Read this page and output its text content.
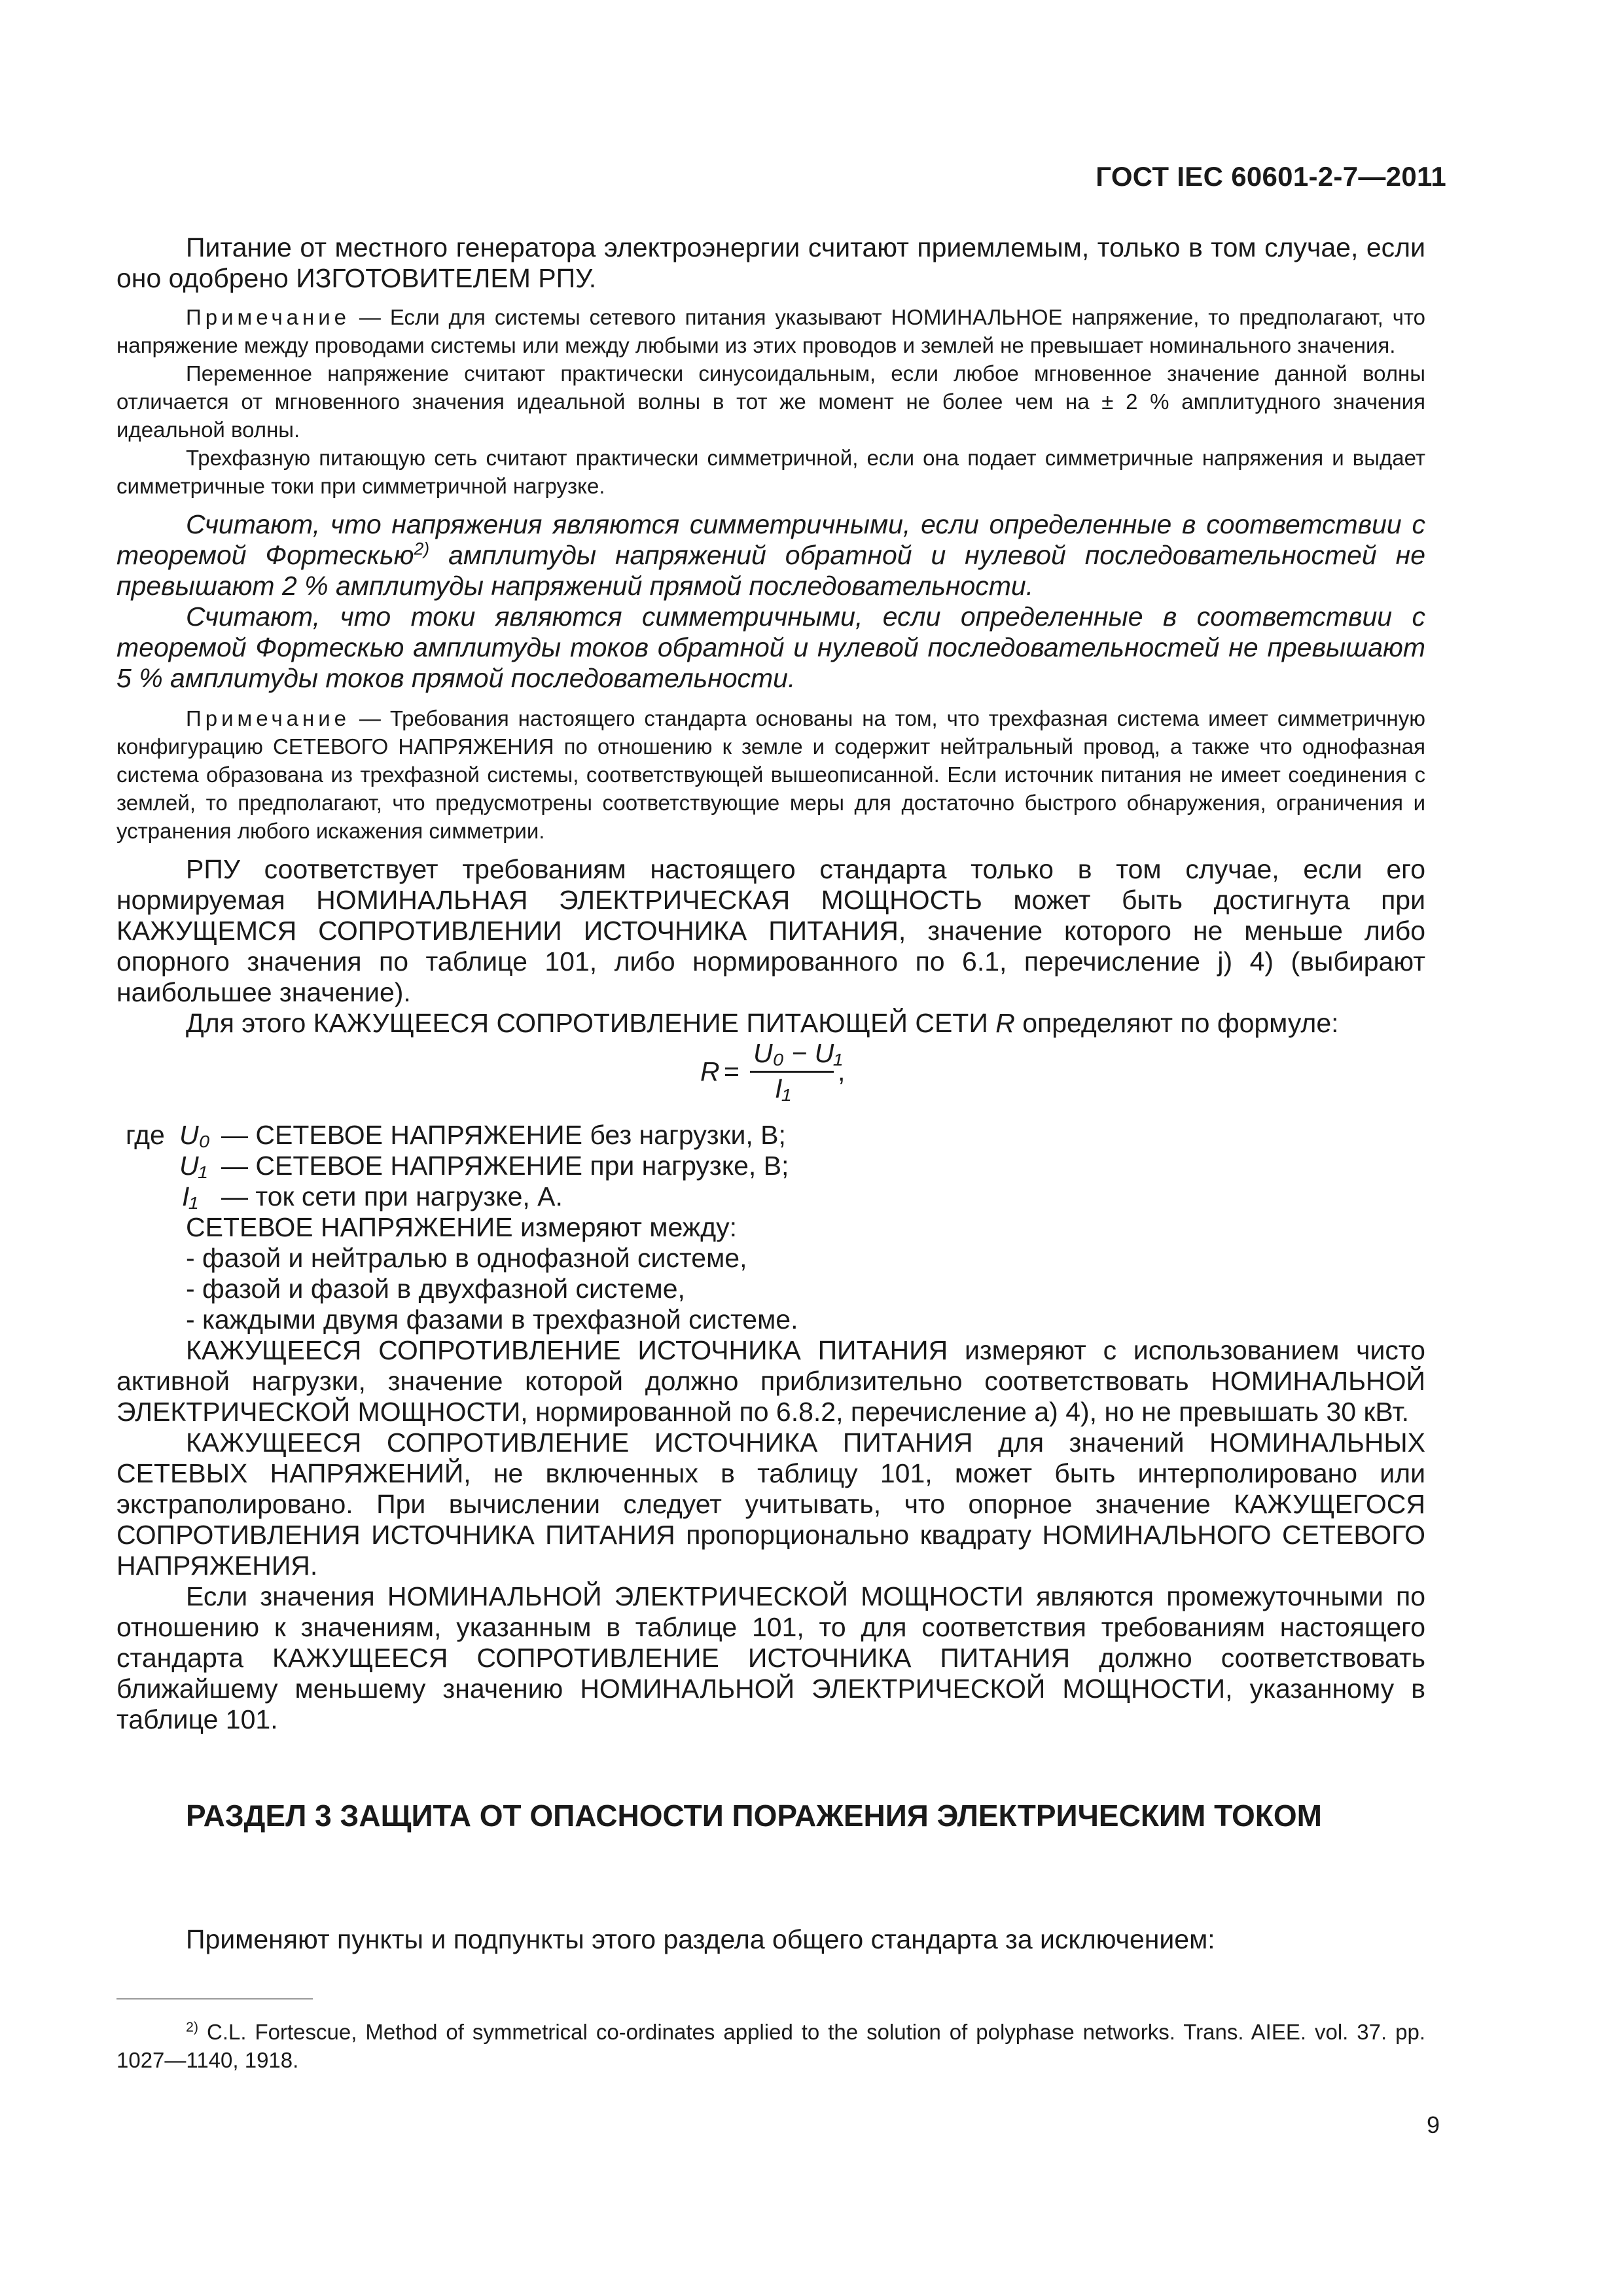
ГОСТ IEC 60601-2-7—2011

Питание от местного генератора электроэнергии считают приемлемым, только в том случае, если оно одобрено ИЗГОТОВИТЕЛЕМ РПУ.

Примечание — Если для системы сетевого питания указывают НОМИНАЛЬНОЕ напряжение, то предполагают, что напряжение между проводами системы или между любыми из этих проводов и землей не превышает номинального значения.

Переменное напряжение считают практически синусоидальным, если любое мгновенное значение данной волны отличается от мгновенного значения идеальной волны в тот же момент не более чем на ± 2 % амплитудного значения идеальной волны.

Трехфазную питающую сеть считают практически симметричной, если она подает симметричные напряжения и выдает симметричные токи при симметричной нагрузке.

Считают, что напряжения являются симметричными, если определенные в соответствии с теоремой Фортескью$^{2)}$ амплитуды напряжений обратной и нулевой последовательностей не превышают 2 % амплитуды напряжений прямой последовательности.

Считают, что токи являются симметричными, если определенные в соответствии с теоремой Фортескью амплитуды токов обратной и нулевой последовательностей не превышают 5 % амплитуды токов прямой последовательности.

Примечание — Требования настоящего стандарта основаны на том, что трехфазная система имеет симметричную конфигурацию СЕТЕВОГО НАПРЯЖЕНИЯ по отношению к земле и содержит нейтральный провод, а также что однофазная система образована из трехфазной системы, соответствующей вышеописанной. Если источник питания не имеет соединения с землей, то предполагают, что предусмотрены соответствующие меры для достаточно быстрого обнаружения, ограничения и устранения любого искажения симметрии.

РПУ соответствует требованиям настоящего стандарта только в том случае, если его нормируемая НОМИНАЛЬНАЯ ЭЛЕКТРИЧЕСКАЯ МОЩНОСТЬ может быть достигнута при КАЖУЩЕМСЯ СОПРОТИВЛЕНИИ ИСТОЧНИКА ПИТАНИЯ, значение которого не меньше либо опорного значения по таблице 101, либо нормированного по 6.1, перечисление j) 4) (выбирают наибольшее значение).

Для этого КАЖУЩЕЕСЯ СОПРОТИВЛЕНИЕ ПИТАЮЩЕЙ СЕТИ R определяют по формуле:

R =
U₀ − U₁
I₁
,
где U₀ — СЕТЕВОЕ НАПРЯЖЕНИЕ без нагрузки, В;
U₁ — СЕТЕВОЕ НАПРЯЖЕНИЕ при нагрузке, В;
I₁ — ток сети при нагрузке, А.
СЕТЕВОЕ НАПРЯЖЕНИЕ измеряют между:
- фазой и нейтралью в однофазной системе,
- фазой и фазой в двухфазной системе,
- каждыми двумя фазами в трехфазной системе.

КАЖУЩЕЕСЯ СОПРОТИВЛЕНИЕ ИСТОЧНИКА ПИТАНИЯ измеряют с использованием чисто активной нагрузки, значение которой должно приблизительно соответствовать НОМИНАЛЬНОЙ ЭЛЕКТРИЧЕСКОЙ МОЩНОСТИ, нормированной по 6.8.2, перечисление а) 4), но не превышать 30 кВт.

КАЖУЩЕЕСЯ СОПРОТИВЛЕНИЕ ИСТОЧНИКА ПИТАНИЯ для значений НОМИНАЛЬНЫХ СЕТЕВЫХ НАПРЯЖЕНИЙ, не включенных в таблицу 101, может быть интерполировано или экстраполировано. При вычислении следует учитывать, что опорное значение КАЖУЩЕГОСЯ СОПРОТИВЛЕНИЯ ИСТОЧНИКА ПИТАНИЯ пропорционально квадрату НОМИНАЛЬНОГО СЕТЕВОГО НАПРЯЖЕНИЯ.

Если значения НОМИНАЛЬНОЙ ЭЛЕКТРИЧЕСКОЙ МОЩНОСТИ являются промежуточными по отношению к значениям, указанным в таблице 101, то для соответствия требованиям настоящего стандарта КАЖУЩЕЕСЯ СОПРОТИВЛЕНИЕ ИСТОЧНИКА ПИТАНИЯ должно соответствовать ближайшему меньшему значению НОМИНАЛЬНОЙ ЭЛЕКТРИЧЕСКОЙ МОЩНОСТИ, указанному в таблице 101.

РАЗДЕЛ 3 ЗАЩИТА ОТ ОПАСНОСТИ ПОРАЖЕНИЯ ЭЛЕКТРИЧЕСКИМ ТОКОМ

Применяют пункты и подпункты этого раздела общего стандарта за исключением:

$^{2)}$ C.L. Fortescue, Method of symmetrical co-ordinates applied to the solution of polyphase networks. Trans. AIEE. vol. 37. pp. 1027—1140, 1918.

9
